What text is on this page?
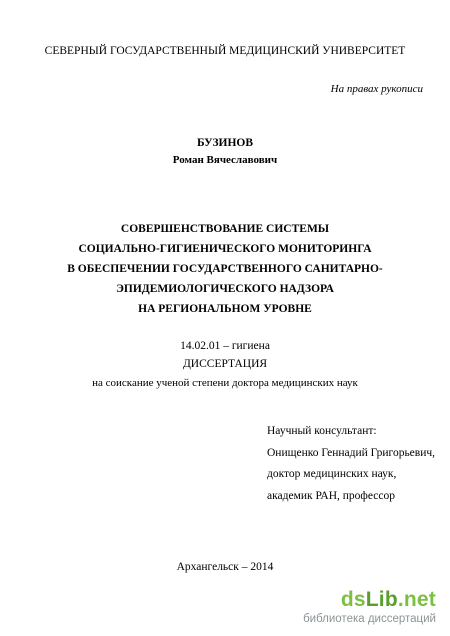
СЕВЕРНЫЙ ГОСУДАРСТВЕННЫЙ МЕДИЦИНСКИЙ УНИВЕРСИТЕТ
На правах рукописи
БУЗИНОВ
Роман Вячеславович
СОВЕРШЕНСТВОВАНИЕ СИСТЕМЫ
СОЦИАЛЬНО-ГИГИЕНИЧЕСКОГО МОНИТОРИНГА
В ОБЕСПЕЧЕНИИ ГОСУДАРСТВЕННОГО САНИТАРНО-
ЭПИДЕМИОЛОГИЧЕСКОГО НАДЗОРА
НА РЕГИОНАЛЬНОМ УРОВНЕ
14.02.01 – гигиена
ДИССЕРТАЦИЯ
на соискание ученой степени доктора медицинских наук
Научный консультант:
Онищенко Геннадий Григорьевич,
доктор медицинских наук,
академик РАН, профессор
Архангельск – 2014
dsLib.net
библиотека диссертаций
